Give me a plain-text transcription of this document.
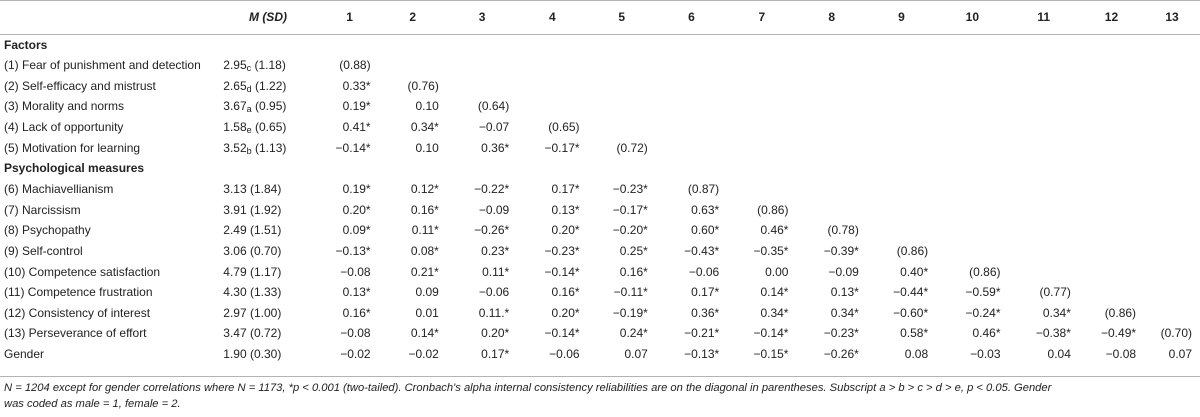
	M (SD)	1	2	3	4	5	6	7	8	9	10	11	12	13
Factors														
(1) Fear of punishment and detection	$2.95_c$ (1.18)	(0.88)												
(2) Self-efficacy and mistrust	$2.65_d$ (1.22)	0.33*	(0.76)											
(3) Morality and norms	$3.67_a$ (0.95)	0.19*	0.10	(0.64)										
(4) Lack of opportunity	$1.58_e$ (0.65)	0.41*	0.34*	−0.07	(0.65)									
(5) Motivation for learning	$3.52_b$ (1.13)	−0.14*	0.10	0.36*	−0.17*	(0.72)								
Psychological measures														
(6) Machiavellianism	3.13 (1.84)	0.19*	0.12*	−0.22*	0.17*	−0.23*	(0.87)							
(7) Narcissism	3.91 (1.92)	0.20*	0.16*	−0.09	0.13*	−0.17*	0.63*	(0.86)						
(8) Psychopathy	2.49 (1.51)	0.09*	0.11*	−0.26*	0.20*	−0.20*	0.60*	0.46*	(0.78)					
(9) Self-control	3.06 (0.70)	−0.13*	0.08*	0.23*	−0.23*	0.25*	−0.43*	−0.35*	−0.39*	(0.86)				
(10) Competence satisfaction	4.79 (1.17)	−0.08	0.21*	0.11*	−0.14*	0.16*	−0.06	0.00	−0.09	0.40*	(0.86)			
(11) Competence frustration	4.30 (1.33)	0.13*	0.09	−0.06	0.16*	−0.11*	0.17*	0.14*	0.13*	−0.44*	−0.59*	(0.77)		
(12) Consistency of interest	2.97 (1.00)	0.16*	0.01	0.11.*	0.20*	−0.19*	0.36*	0.34*	0.34*	−0.60*	−0.24*	0.34*	(0.86)	
(13) Perseverance of effort	3.47 (0.72)	−0.08	0.14*	0.20*	−0.14*	0.24*	−0.21*	−0.14*	−0.23*	0.58*	0.46*	−0.38*	−0.49*	(0.70)
Gender	1.90 (0.30)	−0.02	−0.02	0.17*	−0.06	0.07	−0.13*	−0.15*	−0.26*	0.08	−0.03	0.04	−0.08	0.07
N = 1204 except for gender correlations where N = 1173, *p < 0.001 (two-tailed). Cronbach's alpha internal consistency reliabilities are on the diagonal in parentheses. Subscript a > b > c > d > e, p < 0.05. Gender
was coded as male = 1, female = 2.
